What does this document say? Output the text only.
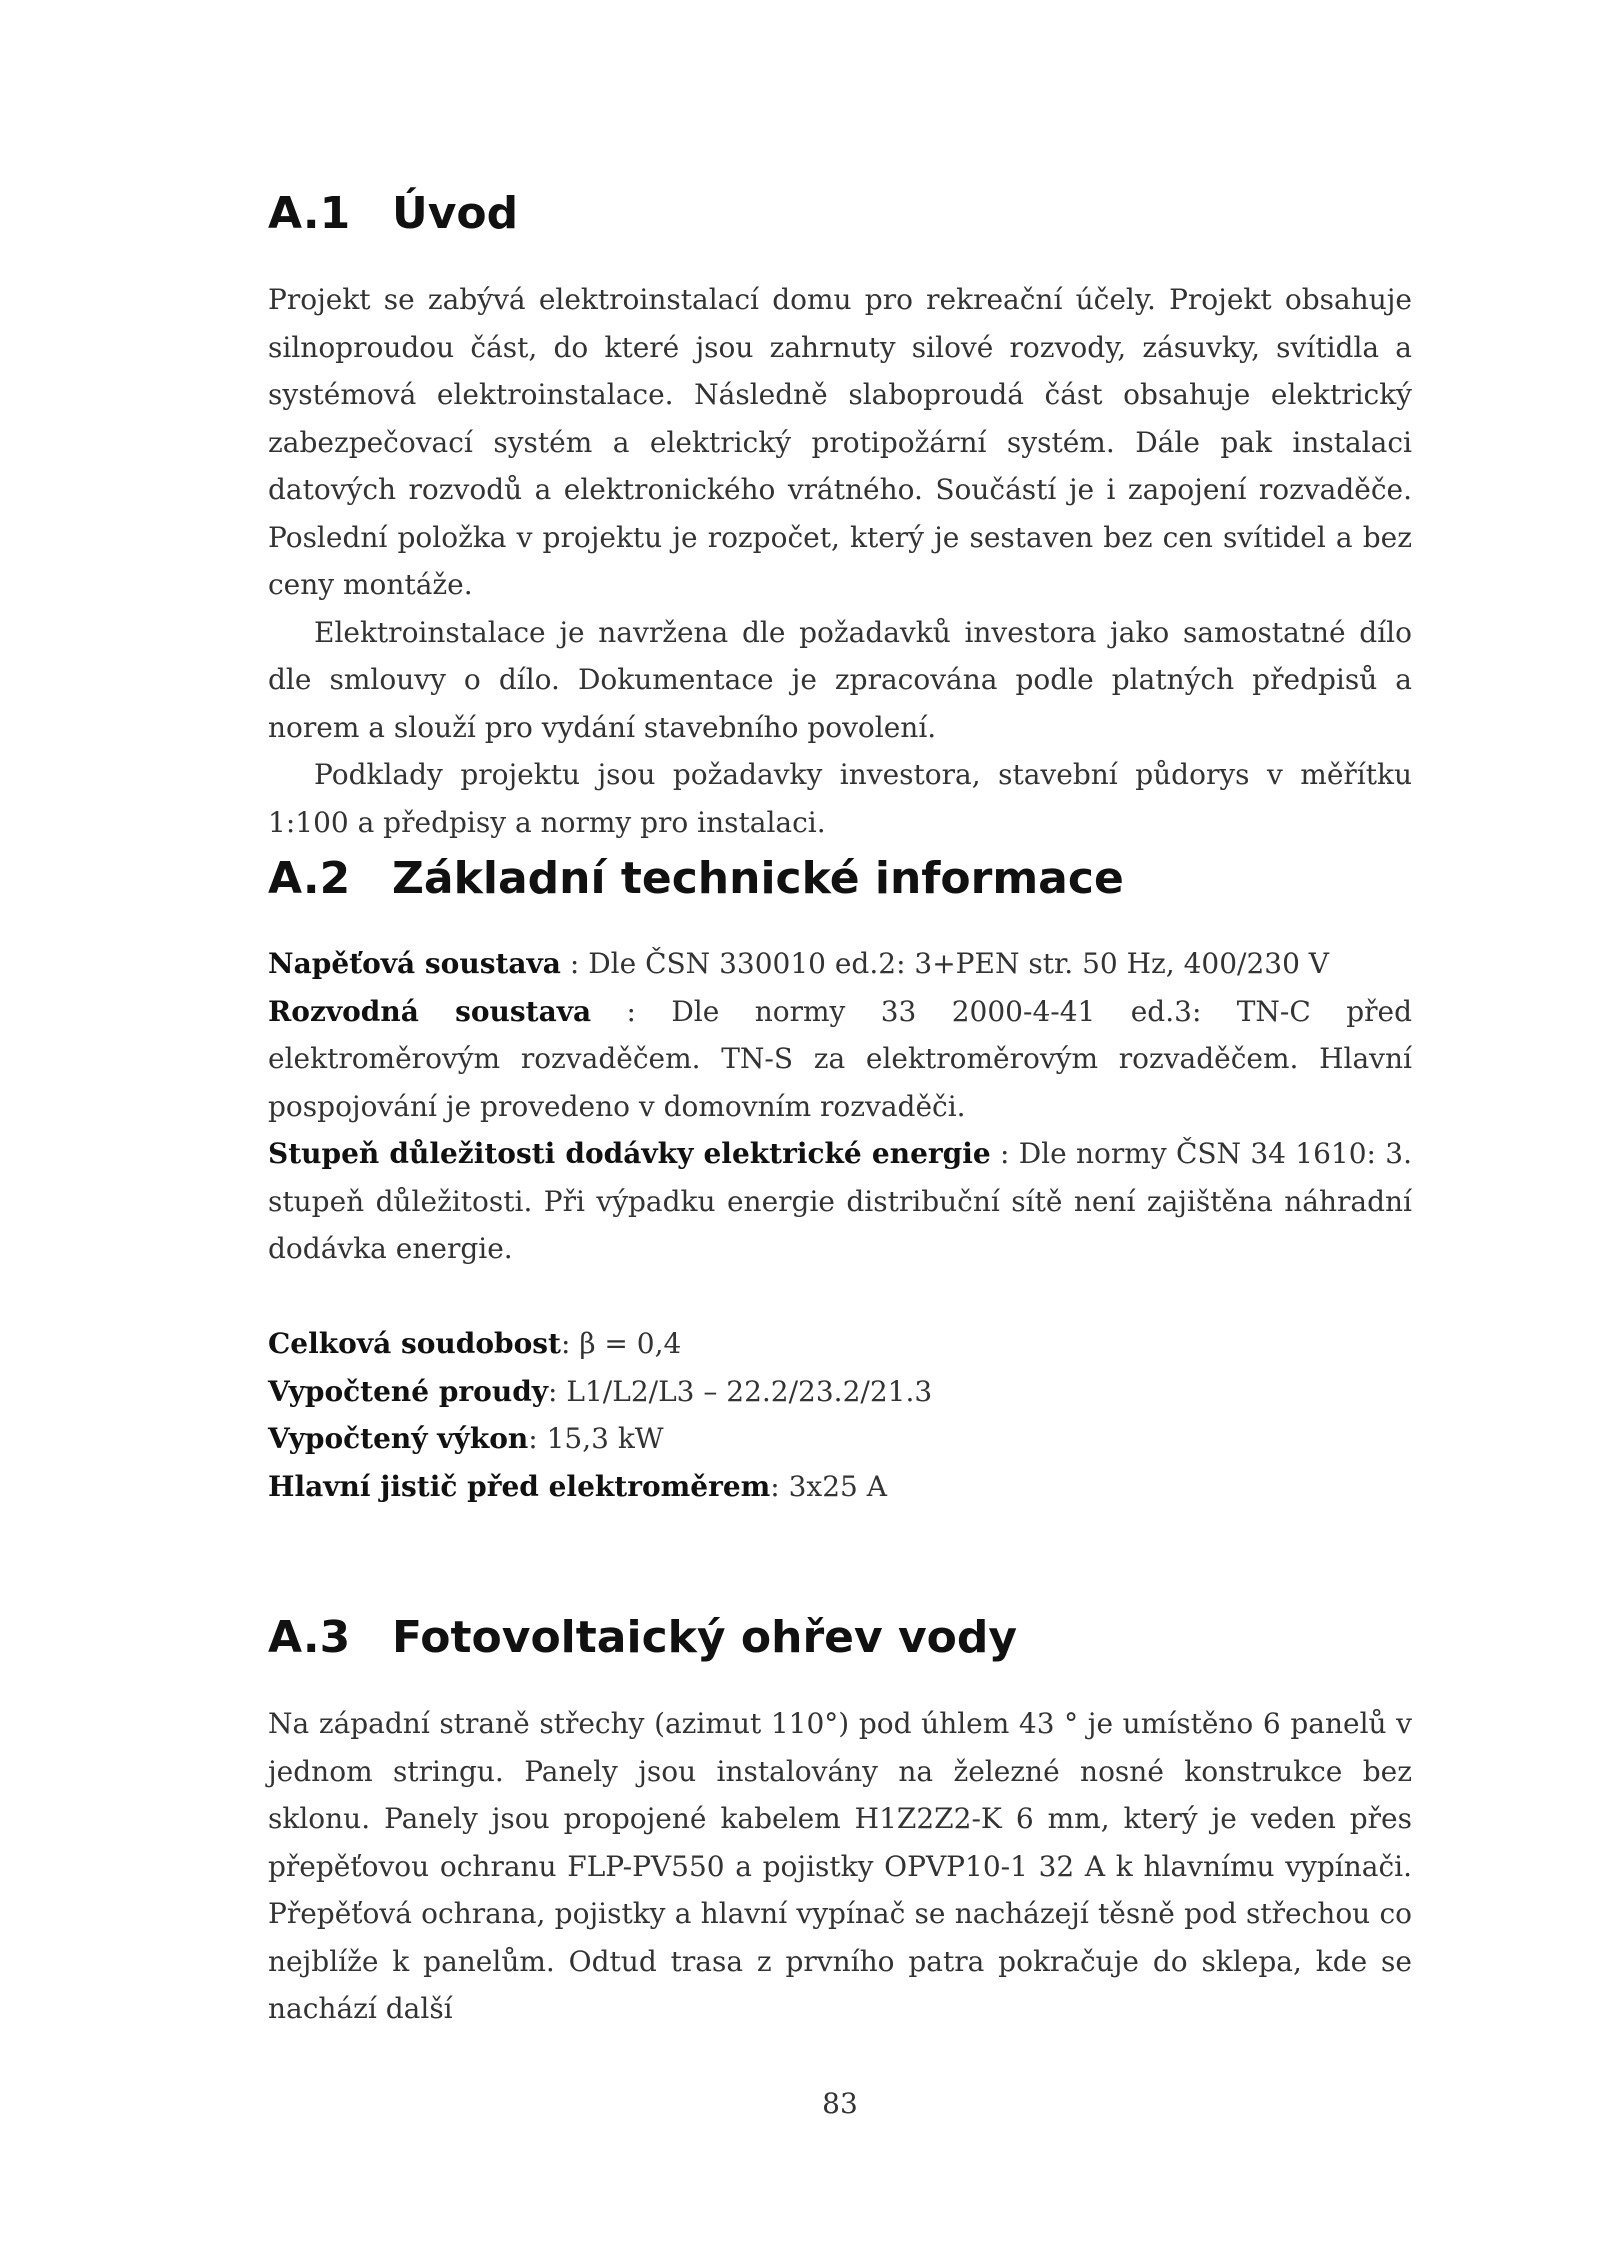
A.1 Úvod

Projekt se zabývá elektroinstalací domu pro rekreační účely. Projekt obsahuje silnoproudou část, do které jsou zahrnuty silové rozvody, zásuvky, svítidla a systémová elektroinstalace. Následně slaboproudá část obsahuje elektrický zabezpečovací systém a elektrický protipožární systém. Dále pak instalaci datových rozvodů a elektronického vrátného. Součástí je i zapojení rozvaděče. Poslední položka v projektu je rozpočet, který je sestaven bez cen svítidel a bez ceny montáže.

Elektroinstalace je navržena dle požadavků investora jako samostatné dílo dle smlouvy o dílo. Dokumentace je zpracována podle platných předpisů a norem a slouží pro vydání stavebního povolení.

Podklady projektu jsou požadavky investora, stavební půdorys v měřítku 1:100 a předpisy a normy pro instalaci.

A.2 Základní technické informace

Napěťová soustava : Dle ČSN 330010 ed.2: 3+PEN str. 50 Hz, 400/230 V

Rozvodná soustava : Dle normy 33 2000-4-41 ed.3: TN-C před elektroměrovým rozvaděčem. TN-S za elektroměrovým rozvaděčem. Hlavní pospojování je provedeno v domovním rozvaděči.

Stupeň důležitosti dodávky elektrické energie : Dle normy ČSN 34 1610: 3. stupeň důležitosti. Při výpadku energie distribuční sítě není zajištěna náhradní dodávka energie.

Celková soudobost: β = 0,4

Vypočtené proudy: L1/L2/L3 – 22.2/23.2/21.3

Vypočtený výkon: 15,3 kW

Hlavní jistič před elektroměrem: 3x25 A

A.3 Fotovoltaický ohřev vody

Na západní straně střechy (azimut 110°) pod úhlem 43 ° je umístěno 6 panelů v jednom stringu. Panely jsou instalovány na železné nosné konstrukce bez sklonu. Panely jsou propojené kabelem H1Z2Z2-K 6 mm, který je veden přes přepěťovou ochranu FLP-PV550 a pojistky OPVP10-1 32 A k hlavnímu vypínači. Přepěťová ochrana, pojistky a hlavní vypínač se nacházejí těsně pod střechou co nejblíže k panelům. Odtud trasa z prvního patra pokračuje do sklepa, kde se nachází další

83
